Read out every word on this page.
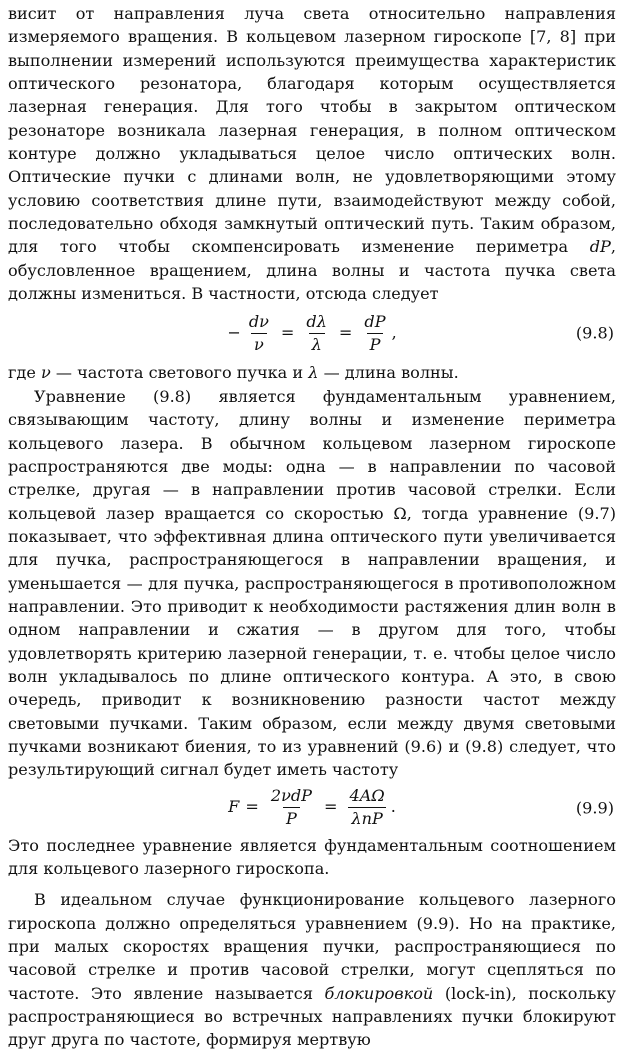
висит от направления луча света относительно направления измеряемого вращения. В кольцевом лазерном гироскопе [7, 8] при выполнении измерений используются преимущества характеристик оптического резонатора, благодаря которым осуществляется лазерная генерация. Для того чтобы в закрытом оптическом резонаторе возникала лазерная генерация, в полном оптическом контуре должно укладываться целое число оптических волн. Оптические пучки с длинами волн, не удовлетворяющими этому условию соответствия длине пути, взаимодействуют между собой, последовательно обходя замкнутый оптический путь. Таким образом, для того чтобы скомпенсировать изменение периметра dP, обусловленное вращением, длина волны и частота пучка света должны измениться. В частности, отсюда следует

− $\frac{d\nu}{\nu} = \frac{d\lambda}{\lambda} = \frac{dP}{P}$ ,	(9.8)

где ν — частота светового пучка и λ — длина волны.

Уравнение (9.8) является фундаментальным уравнением, связывающим частоту, длину волны и изменение периметра кольцевого лазера. В обычном кольцевом лазерном гироскопе распространяются две моды: одна — в направлении по часовой стрелке, другая — в направлении против часовой стрелки. Если кольцевой лазер вращается со скоростью Ω, тогда уравнение (9.7) показывает, что эффективная длина оптического пути увеличивается для пучка, распространяющегося в направлении вращения, и уменьшается — для пучка, распространяющегося в противоположном направлении. Это приводит к необходимости растяжения длин волн в одном направлении и сжатия — в другом для того, чтобы удовлетворять критерию лазерной генерации, т. е. чтобы целое число волн укладывалось по длине оптического контура. А это, в свою очередь, приводит к возникновению разности частот между световыми пучками. Таким образом, если между двумя световыми пучками возникают биения, то из уравнений (9.6) и (9.8) следует, что результирующий сигнал будет иметь частоту

$F = \frac{\text{2νdP}}{P} = \frac{4A\Omega}{\text{λnP}}$ .	(9.9)

Это последнее уравнение является фундаментальным соотношением для кольцевого лазерного гироскопа.

В идеальном случае функционирование кольцевого лазерного гироскопа должно определяться уравнением (9.9). Но на практике, при малых скоростях вращения пучки, распространяющиеся по часовой стрелке и против часовой стрелки, могут сцепляться по частоте. Это явление называется блокировкой (lock-in), поскольку распространяющиеся во встречных направлениях пучки блокируют друг друга по частоте, формируя мертвую
